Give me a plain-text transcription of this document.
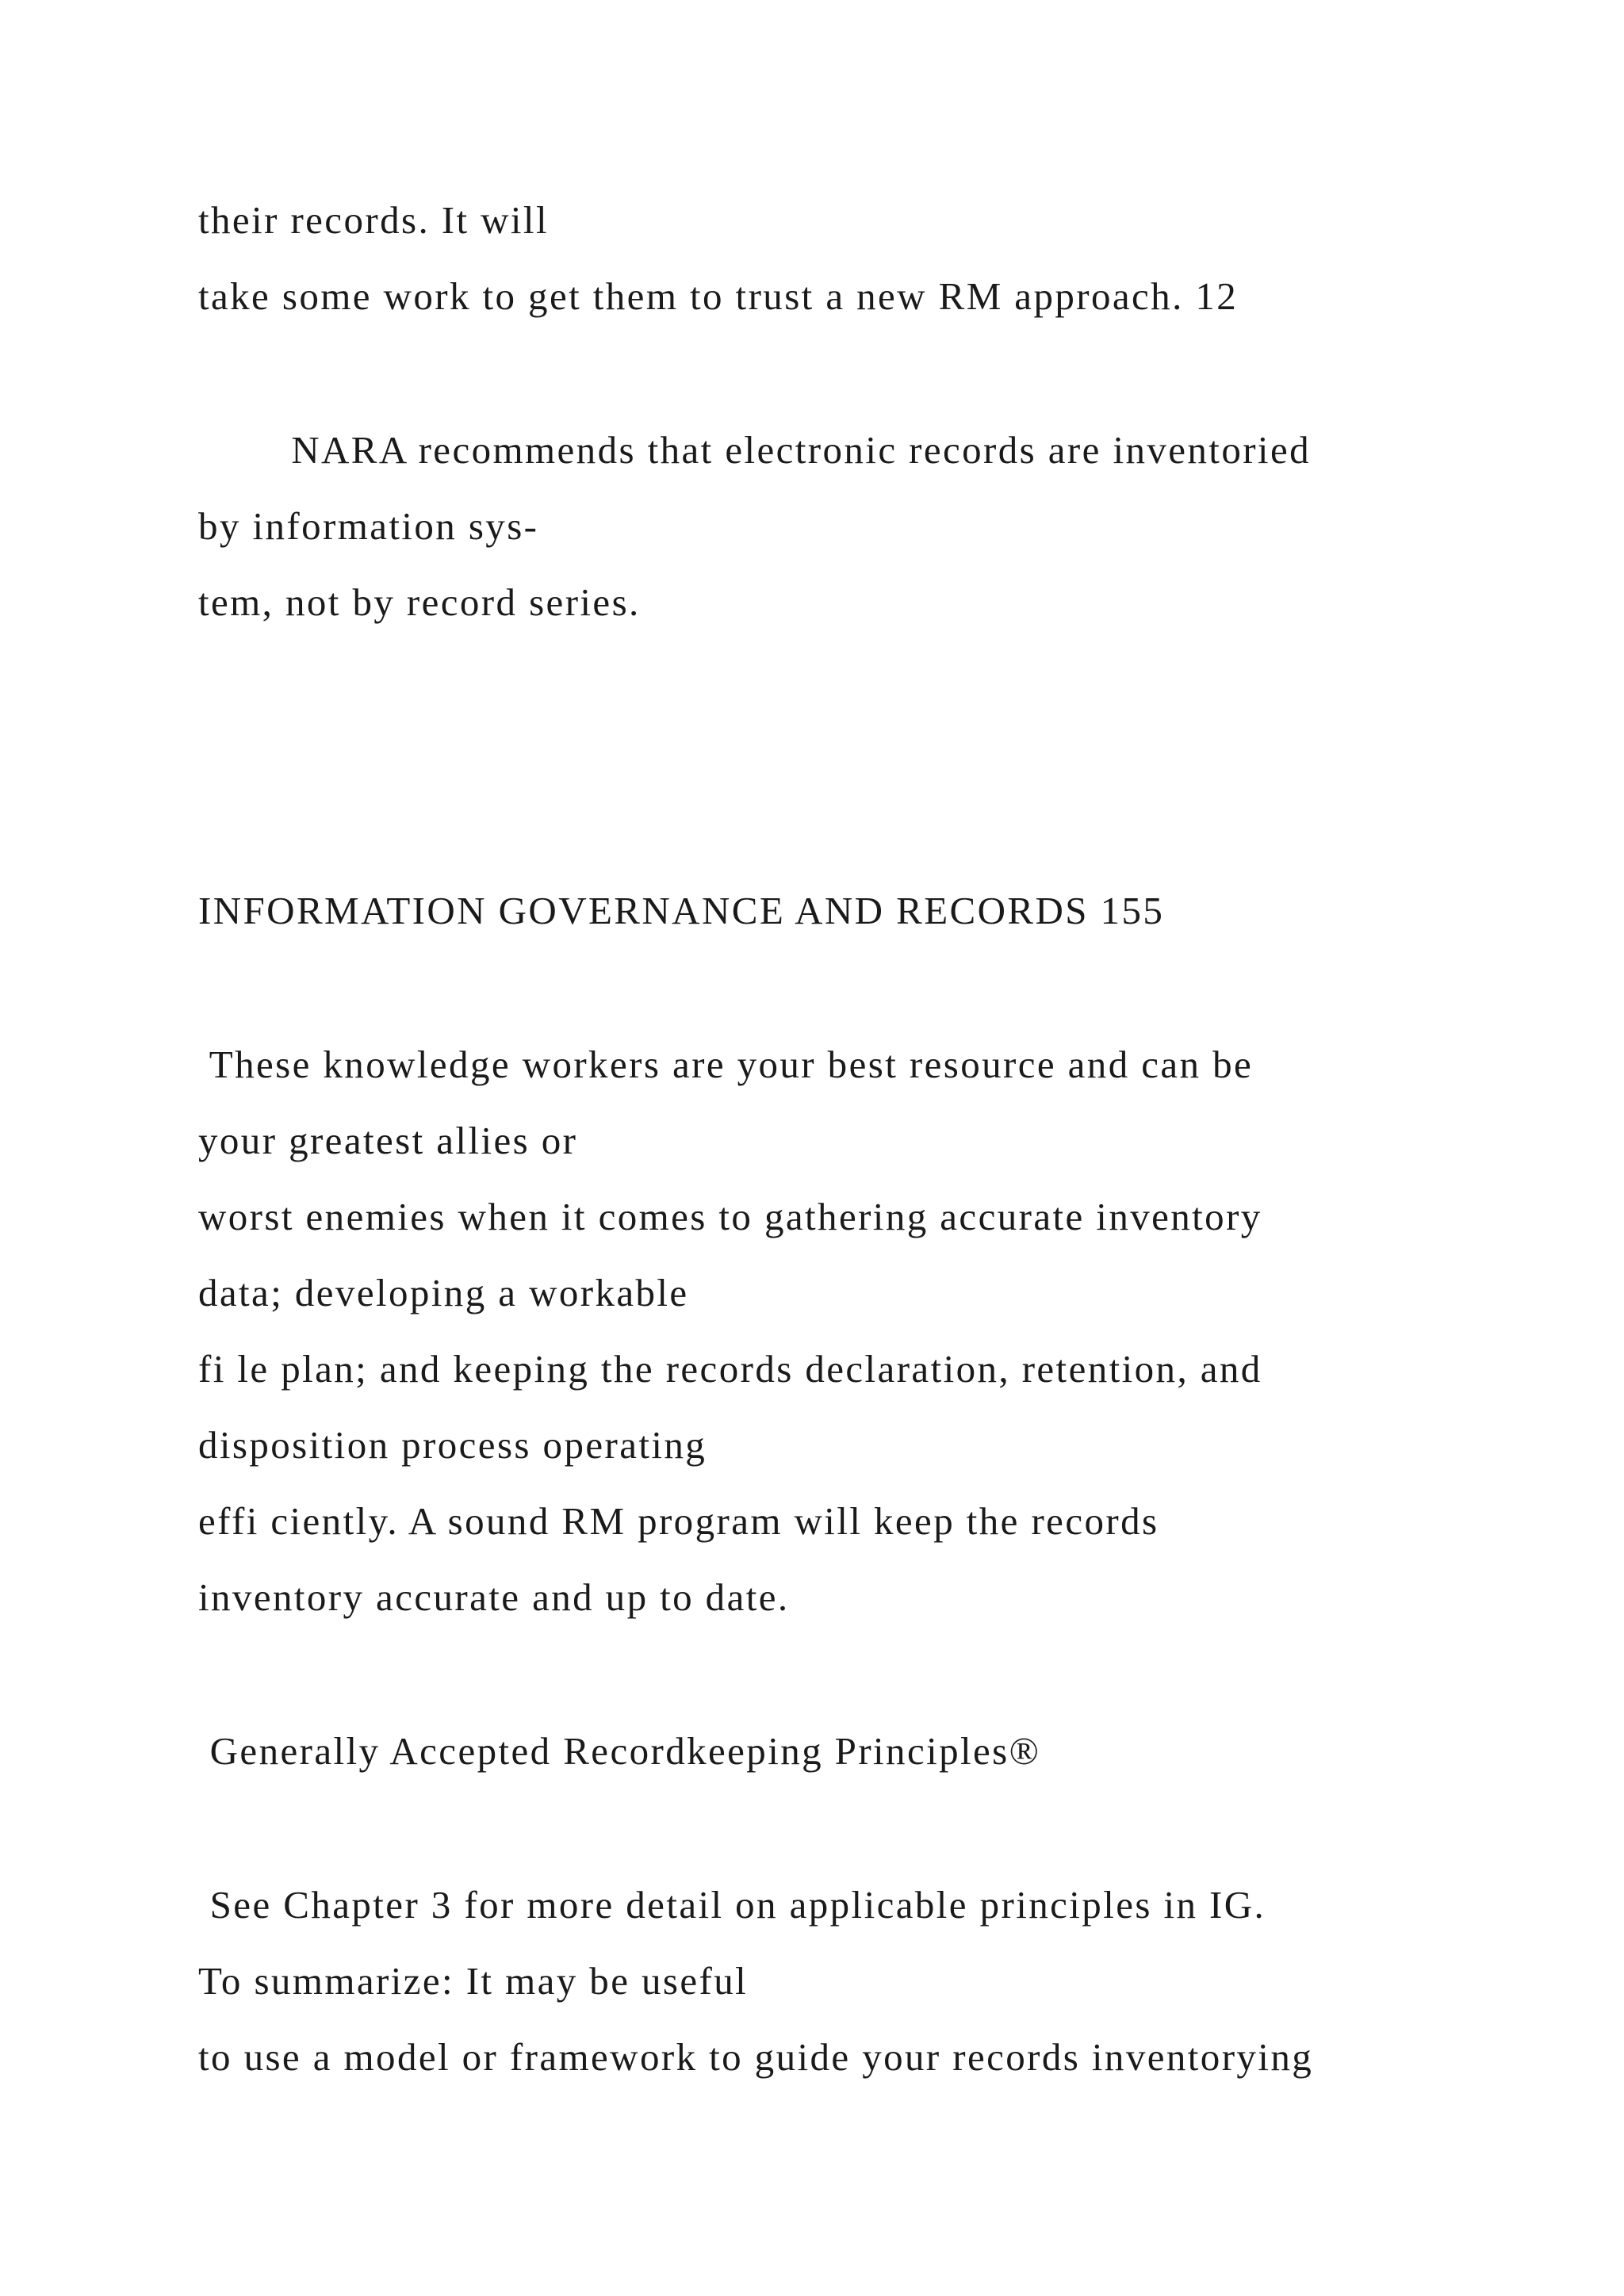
their records. It will

take some work to get them to trust a new RM approach. 12

NARA recommends that electronic records are inventoried

by information sys-

tem, not by record series.

INFORMATION GOVERNANCE AND RECORDS 155

These knowledge workers are your best resource and can be

your greatest allies or

worst enemies when it comes to gathering accurate inventory

data; developing a workable

fi le plan; and keeping the records declaration, retention, and

disposition process operating

effi ciently. A sound RM program will keep the records

inventory accurate and up to date.

Generally Accepted Recordkeeping Principles®

See Chapter 3 for more detail on applicable principles in IG.

To summarize: It may be useful

to use a model or framework to guide your records inventorying
